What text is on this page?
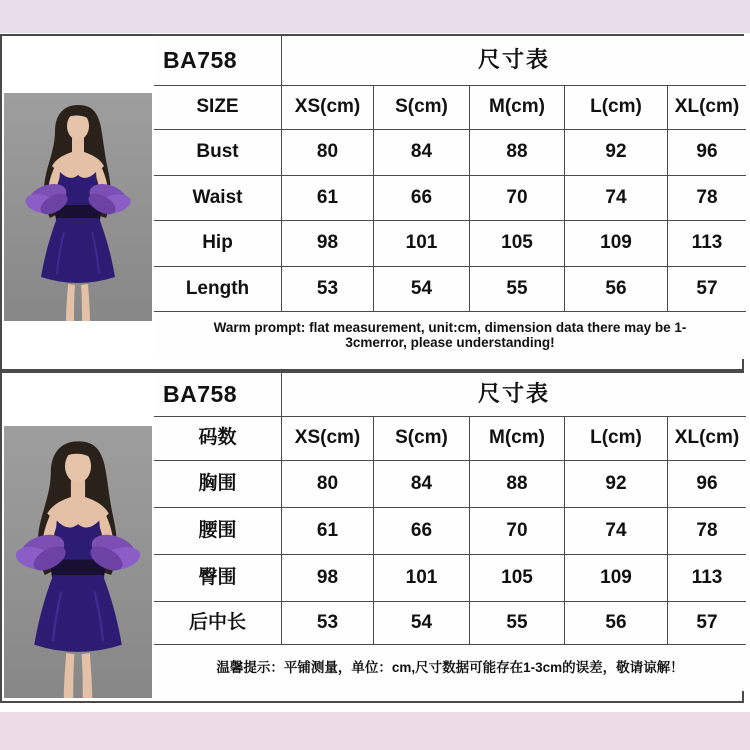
BA758	尺寸表
SIZE	XS(cm)	S(cm)	M(cm)	L(cm)	XL(cm)
Bust	80	84	88	92	96
Waist	61	66	70	74	78
Hip	98	101	105	109	113
Length	53	54	55	56	57
Warm prompt: flat measurement, unit:cm, dimension data there may be 1-3cmerror, please understanding!
BA758	尺寸表
码数	XS(cm)	S(cm)	M(cm)	L(cm)	XL(cm)
胸围	80	84	88	92	96
腰围	61	66	70	74	78
臀围	98	101	105	109	113
后中长	53	54	55	56	57
温馨提示：平铺测量，单位：cm,尺寸数据可能存在1-3cm的误差，敬请谅解！
